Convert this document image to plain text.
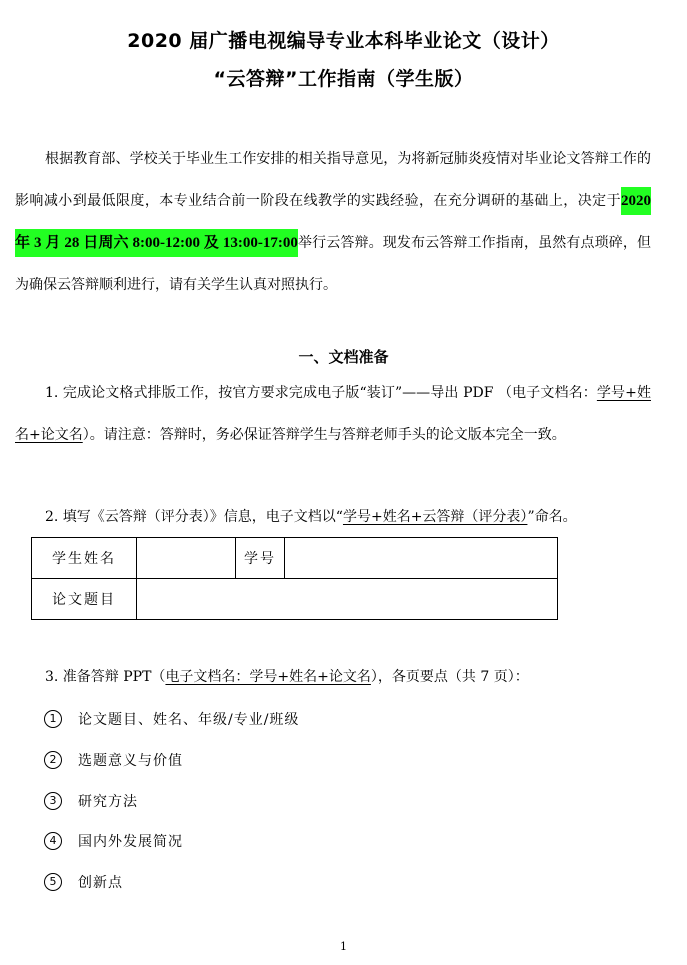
2020 届广播电视编导专业本科毕业论文（设计）
“云答辩”工作指南（学生版）
根据教育部、学校关于毕业生工作安排的相关指导意见，为将新冠肺炎疫情对毕业论文答辩工作的影响减小到最低限度，本专业结合前一阶段在线教学的实践经验，在充分调研的基础上，决定于2020 年 3 月 28 日周六 8:00-12:00 及 13:00-17:00举行云答辩。现发布云答辩工作指南，虽然有点琐碎，但为确保云答辩顺利进行，请有关学生认真对照执行。
一、文档准备
1. 完成论文格式排版工作，按官方要求完成电子版“装订”——导出 PDF （电子文档名：学号+姓名+论文名）。请注意：答辩时，务必保证答辩学生与答辩老师手头的论文版本完全一致。
2. 填写《云答辩（评分表）》信息，电子文档以“学号+姓名+云答辩（评分表）”命名。
学生姓名		学号	
论文题目			
3. 准备答辩 PPT（电子文档名：学号+姓名+论文名），各页要点（共 7 页）：
1	论文题目、姓名、年级/专业/班级
2	选题意义与价值
3	研究方法
4	国内外发展简况
5	创新点
1
